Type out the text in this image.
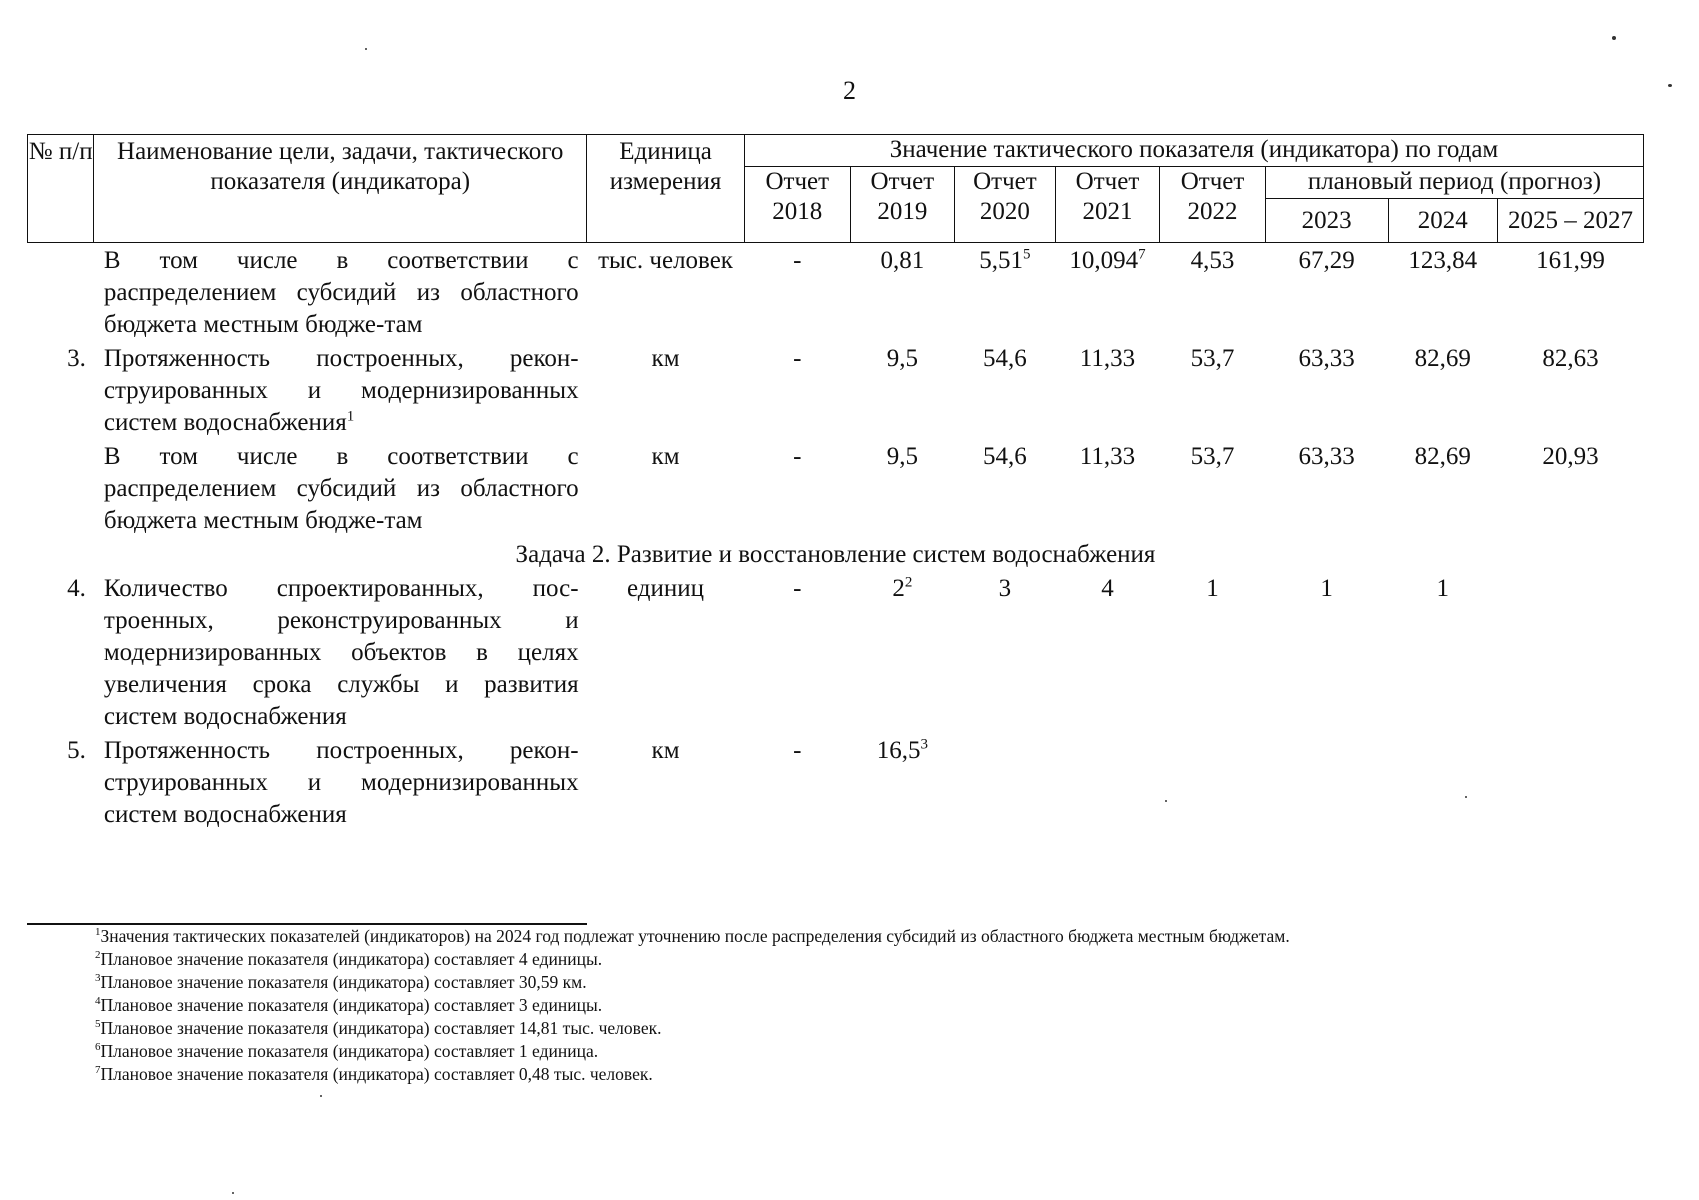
2
№ п/п	Наименование цели, задачи, тактического показателя (индикатора)	Единица измерения	Значение тактического показателя (индикатора) по годам							
			Отчет 2018	Отчет 2019	Отчет 2020	Отчет 2021	Отчет 2022	плановый период (прогноз)		
								2023	2024	2025 – 2027
	В том числе в соответствии с распределением субсидий из областного бюджета местным бюдже-там	тыс. человек	-	0,81	5,51$^5$	10,094$^7$	4,53	67,29	123,84	161,99
3.	Протяженность построенных, рекон-струированных и модернизированных систем водоснабжения$^1$	км	-	9,5	54,6	11,33	53,7	63,33	82,69	82,63
	В том числе в соответствии с распределением субсидий из областного бюджета местным бюдже-там	км	-	9,5	54,6	11,33	53,7	63,33	82,69	20,93
Задача 2. Развитие и восстановление систем водоснабжения										
4.	Количество спроектированных, пос-троенных, реконструированных и модернизированных объектов в целях увеличения срока службы и развития систем водоснабжения	единиц	-	$2^2$	3	4	1	1	1	
5.	Протяженность построенных, рекон-струированных и модернизированных систем водоснабжения	км	-	16,5$^3$						
$^1$Значения тактических показателей (индикаторов) на 2024 год подлежат уточнению после распределения субсидий из областного бюджета местным бюджетам.
$^2$Плановое значение показателя (индикатора) составляет 4 единицы.
$^3$Плановое значение показателя (индикатора) составляет 30,59 км.
$^4$Плановое значение показателя (индикатора) составляет 3 единицы.
$^5$Плановое значение показателя (индикатора) составляет 14,81 тыс. человек.
$^6$Плановое значение показателя (индикатора) составляет 1 единица.
$^7$Плановое значение показателя (индикатора) составляет 0,48 тыс. человек.
